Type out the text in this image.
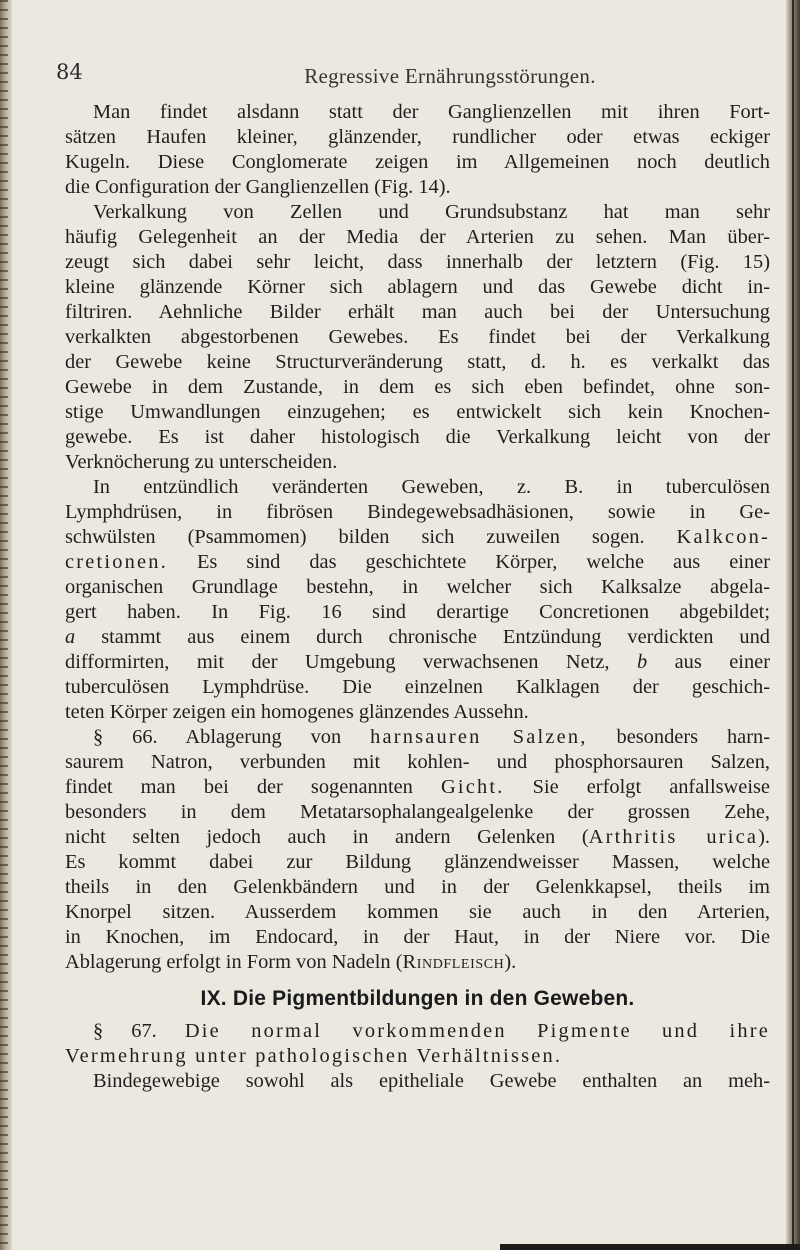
84	Regressive Ernährungsstörungen.
Man findet alsdann statt der Ganglienzellen mit ihren Fort-
sätzen Haufen kleiner, glänzender, rundlicher oder etwas eckiger
Kugeln. Diese Conglomerate zeigen im Allgemeinen noch deutlich
die Configuration der Ganglienzellen (Fig. 14).
Verkalkung von Zellen und Grundsubstanz hat man sehr
häufig Gelegenheit an der Media der Arterien zu sehen. Man über-
zeugt sich dabei sehr leicht, dass innerhalb der letztern (Fig. 15)
kleine glänzende Körner sich ablagern und das Gewebe dicht in-
filtriren. Aehnliche Bilder erhält man auch bei der Untersuchung
verkalkten abgestorbenen Gewebes. Es findet bei der Verkalkung
der Gewebe keine Structurveränderung statt, d. h. es verkalkt das
Gewebe in dem Zustande, in dem es sich eben befindet, ohne son-
stige Umwandlungen einzugehen; es entwickelt sich kein Knochen-
gewebe. Es ist daher histologisch die Verkalkung leicht von der
Verknöcherung zu unterscheiden.
In entzündlich veränderten Geweben, z. B. in tuberculösen
Lymphdrüsen, in fibrösen Bindegewebsadhäsionen, sowie in Ge-
schwülsten (Psammomen) bilden sich zuweilen sogen. Kalkcon-
cretionen. Es sind das geschichtete Körper, welche aus einer
organischen Grundlage bestehn, in welcher sich Kalksalze abgela-
gert haben. In Fig. 16 sind derartige Concretionen abgebildet;
a stammt aus einem durch chronische Entzündung verdickten und
difformirten, mit der Umgebung verwachsenen Netz, b aus einer
tuberculösen Lymphdrüse. Die einzelnen Kalklagen der geschich-
teten Körper zeigen ein homogenes glänzendes Aussehn.
§ 66. Ablagerung von harnsauren Salzen, besonders harn-
saurem Natron, verbunden mit kohlen- und phosphorsauren Salzen,
findet man bei der sogenannten Gicht. Sie erfolgt anfallsweise
besonders in dem Metatarsophalangealgelenke der grossen Zehe,
nicht selten jedoch auch in andern Gelenken (Arthritis urica).
Es kommt dabei zur Bildung glänzendweisser Massen, welche
theils in den Gelenkbändern und in der Gelenkkapsel, theils im
Knorpel sitzen. Ausserdem kommen sie auch in den Arterien,
in Knochen, im Endocard, in der Haut, in der Niere vor. Die
Ablagerung erfolgt in Form von Nadeln (Rindfleisch).
IX. Die Pigmentbildungen in den Geweben.
§ 67. Die normal vorkommenden Pigmente und ihre
Vermehrung unter pathologischen Verhältnissen.
Bindegewebige sowohl als epitheliale Gewebe enthalten an meh-
